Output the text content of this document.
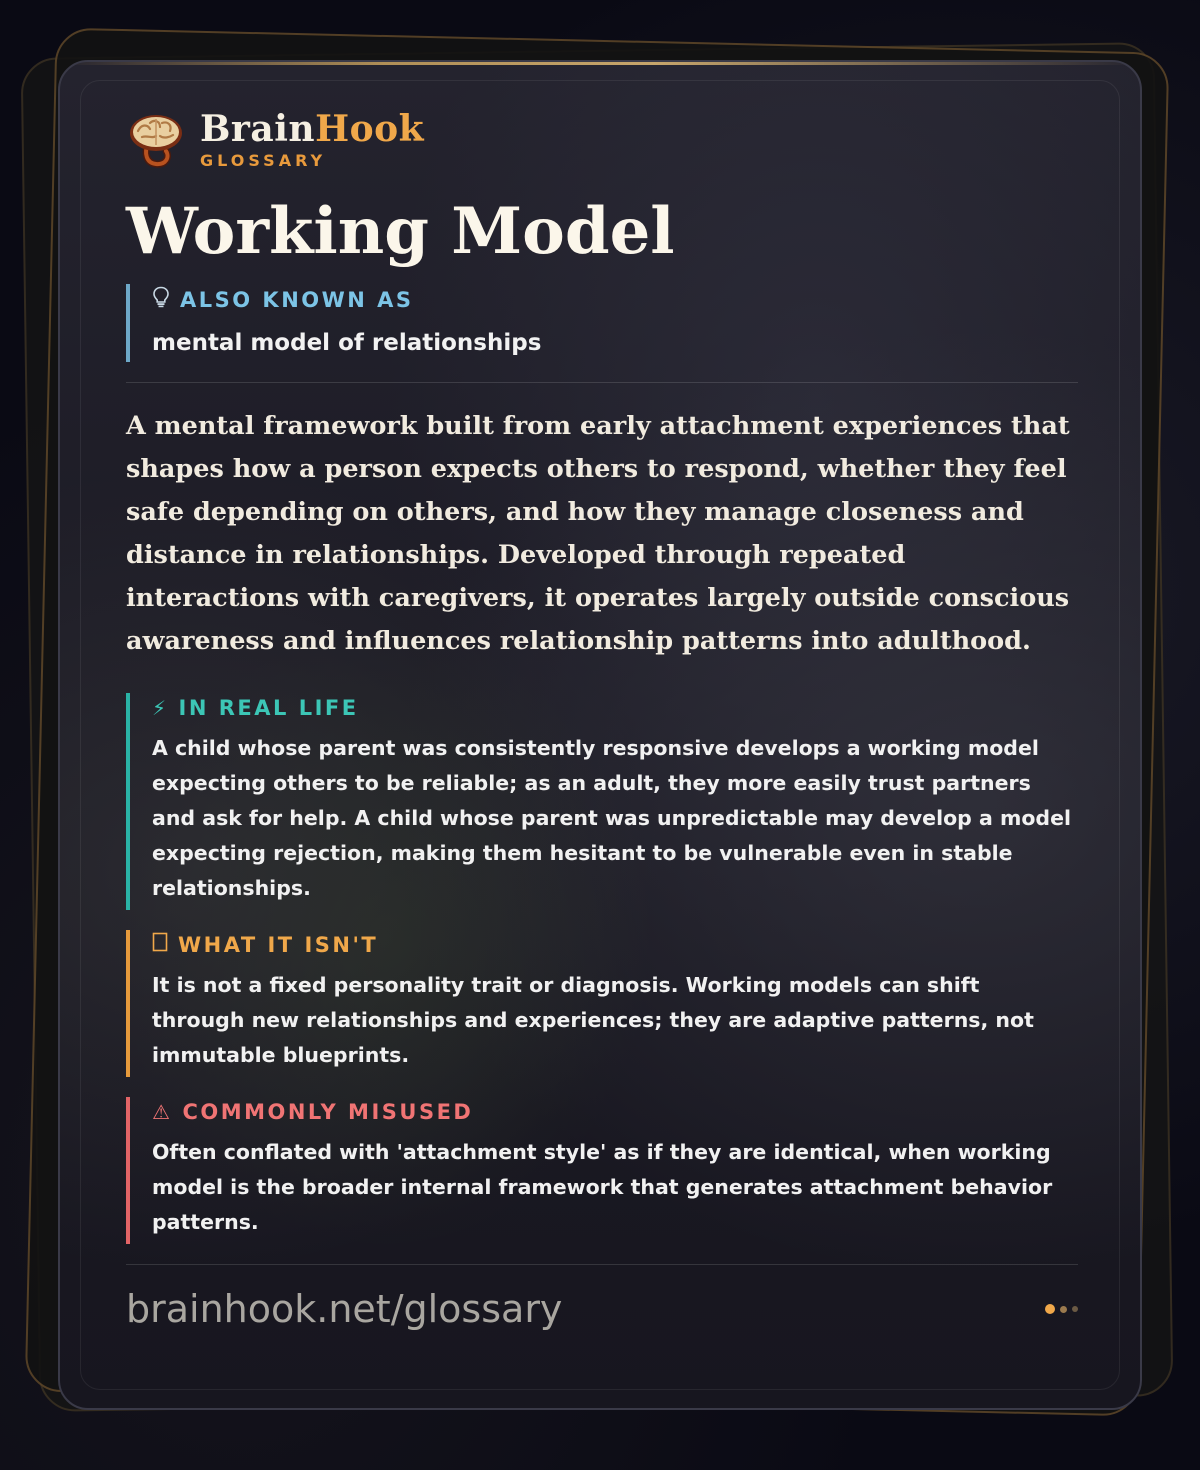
BrainHook
GLOSSARY
Working Model
ALSO KNOWN AS
mental model of relationships
A mental framework built from early attachment experiences that shapes how a person expects others to respond, whether they feel safe depending on others, and how they manage closeness and distance in relationships. Developed through repeated interactions with caregivers, it operates largely outside conscious awareness and influences relationship patterns into adulthood.
⚡ IN REAL LIFE
A child whose parent was consistently responsive develops a working model expecting others to be reliable; as an adult, they more easily trust partners and ask for help. A child whose parent was unpredictable may develop a model expecting rejection, making them hesitant to be vulnerable even in stable relationships.
WHAT IT ISN'T
It is not a fixed personality trait or diagnosis. Working models can shift through new relationships and experiences; they are adaptive patterns, not immutable blueprints.
⚠ COMMONLY MISUSED
Often conflated with 'attachment style' as if they are identical, when working model is the broader internal framework that generates attachment behavior patterns.
brainhook.net/glossary
